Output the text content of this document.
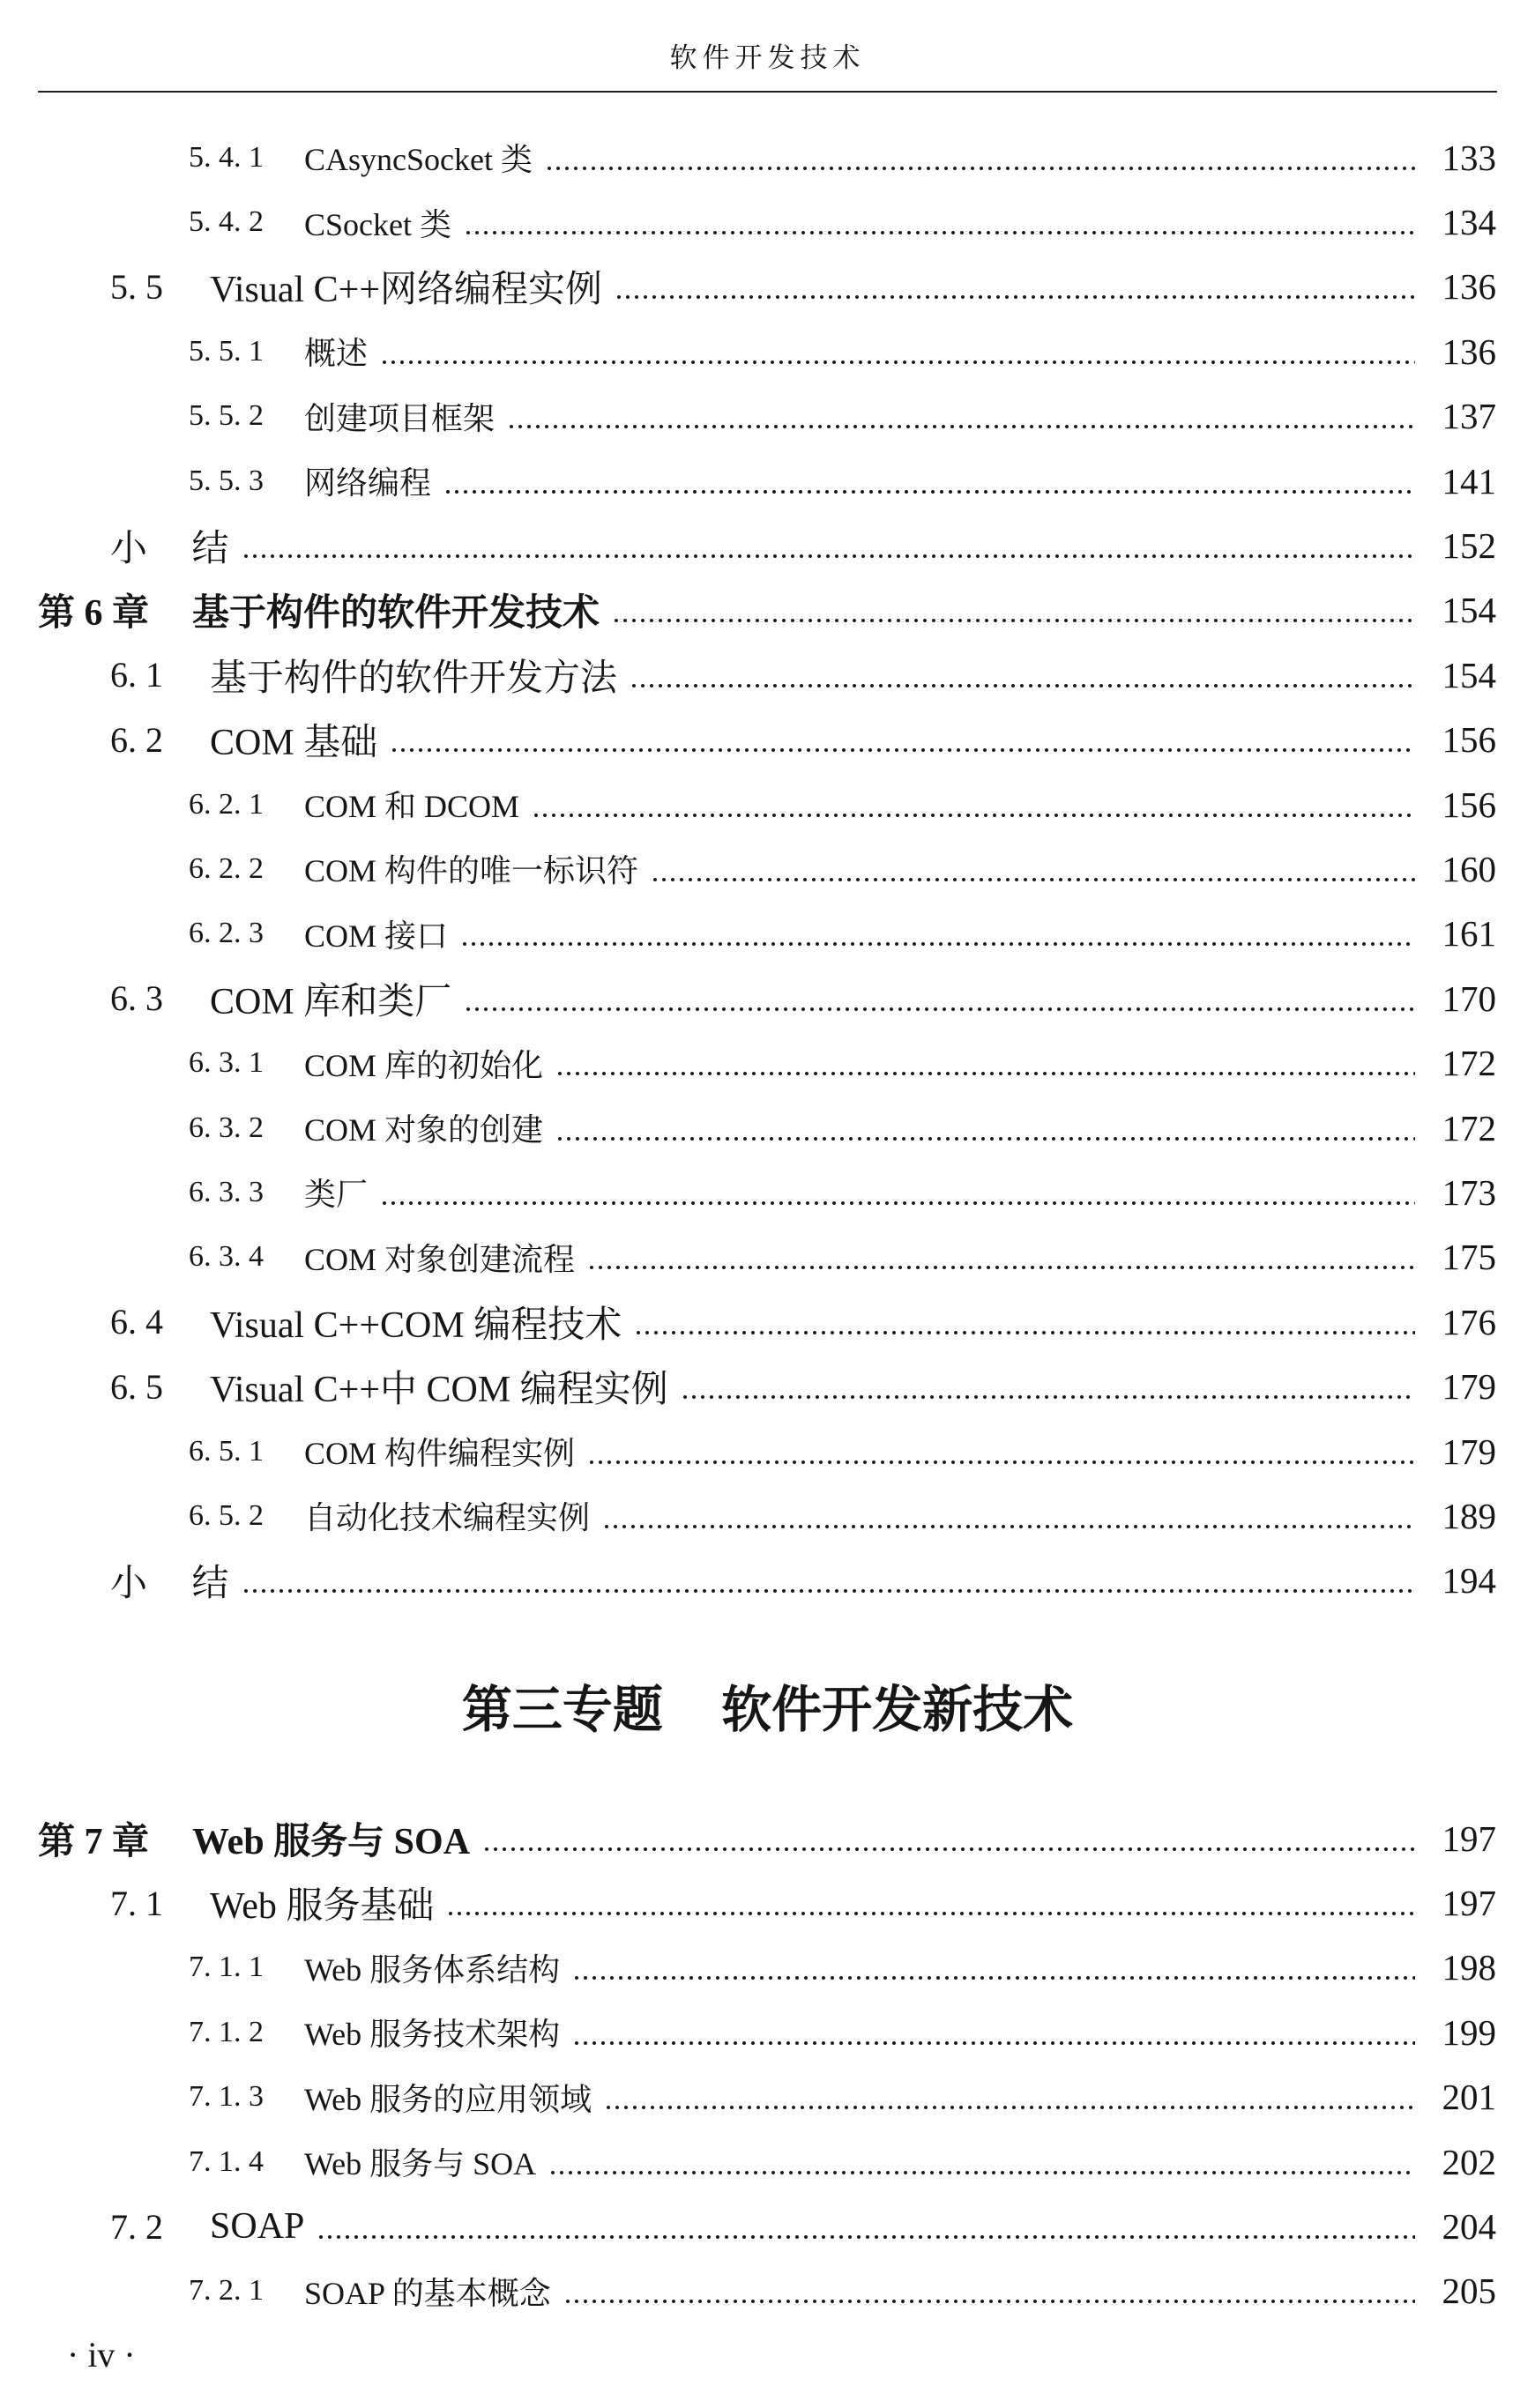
软件开发技术
5. 4. 1	CAsyncSocket 类	133
5. 4. 2	CSocket 类	134
5. 5	Visual C++网络编程实例	136
5. 5. 1	概述	136
5. 5. 2	创建项目框架	137
5. 5. 3	网络编程	141
小 结	152
第 6 章	基于构件的软件开发技术	154
6. 1	基于构件的软件开发方法	154
6. 2	COM 基础	156
6. 2. 1	COM 和 DCOM	156
6. 2. 2	COM 构件的唯一标识符	160
6. 2. 3	COM 接口	161
6. 3	COM 库和类厂	170
6. 3. 1	COM 库的初始化	172
6. 3. 2	COM 对象的创建	172
6. 3. 3	类厂	173
6. 3. 4	COM 对象创建流程	175
6. 4	Visual C++COM 编程技术	176
6. 5	Visual C++中 COM 编程实例	179
6. 5. 1	COM 构件编程实例	179
6. 5. 2	自动化技术编程实例	189
小 结	194
第三专题 软件开发新技术
第 7 章	Web 服务与 SOA	197
7. 1	Web 服务基础	197
7. 1. 1	Web 服务体系结构	198
7. 1. 2	Web 服务技术架构	199
7. 1. 3	Web 服务的应用领域	201
7. 1. 4	Web 服务与 SOA	202
7. 2	SOAP	204
7. 2. 1	SOAP 的基本概念	205
· iv ·
